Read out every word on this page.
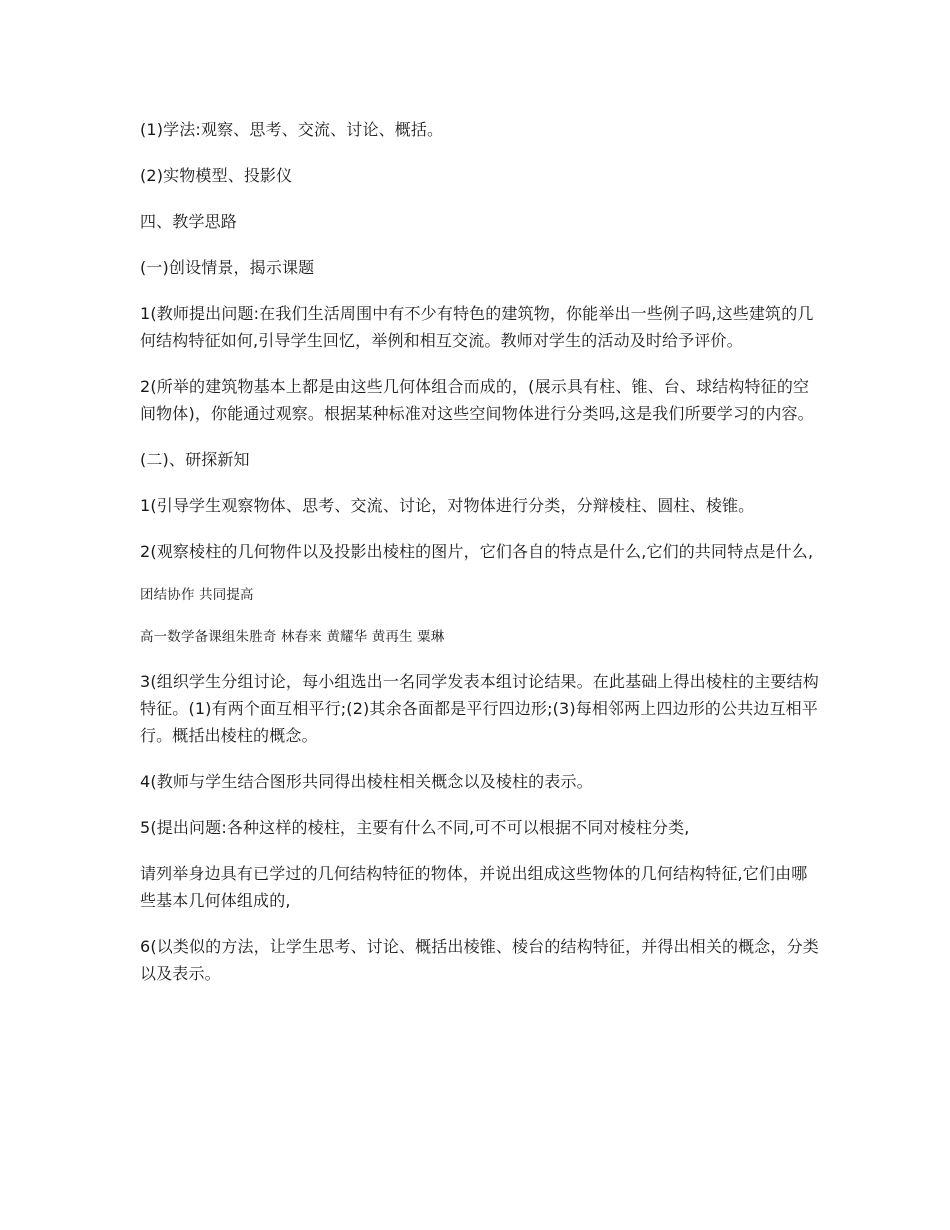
(1)学法:观察、思考、交流、讨论、概括。

(2)实物模型、投影仪

四、教学思路

(一)创设情景，揭示课题

1(教师提出问题:在我们生活周围中有不少有特色的建筑物，你能举出一些例子吗,这些建筑的几何结构特征如何,引导学生回忆，举例和相互交流。教师对学生的活动及时给予评价。

2(所举的建筑物基本上都是由这些几何体组合而成的，(展示具有柱、锥、台、球结构特征的空间物体)，你能通过观察。根据某种标准对这些空间物体进行分类吗,这是我们所要学习的内容。

(二)、研探新知

1(引导学生观察物体、思考、交流、讨论，对物体进行分类，分辩棱柱、圆柱、棱锥。

2(观察棱柱的几何物件以及投影出棱柱的图片，它们各自的特点是什么,它们的共同特点是什么,

团结协作 共同提高

高一数学备课组朱胜奇 林春来 黄耀华 黄再生 粟琳

3(组织学生分组讨论，每小组选出一名同学发表本组讨论结果。在此基础上得出棱柱的主要结构特征。(1)有两个面互相平行;(2)其余各面都是平行四边形;(3)每相邻两上四边形的公共边互相平行。概括出棱柱的概念。

4(教师与学生结合图形共同得出棱柱相关概念以及棱柱的表示。

5(提出问题:各种这样的棱柱，主要有什么不同,可不可以根据不同对棱柱分类,

请列举身边具有已学过的几何结构特征的物体，并说出组成这些物体的几何结构特征,它们由哪些基本几何体组成的,

6(以类似的方法，让学生思考、讨论、概括出棱锥、棱台的结构特征，并得出相关的概念，分类以及表示。
